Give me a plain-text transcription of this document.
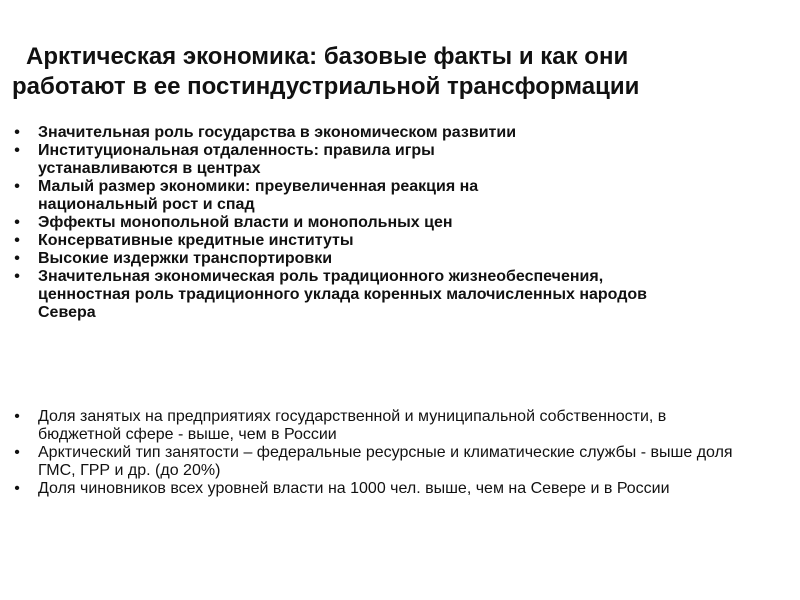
Арктическая экономика: базовые факты и как они
работают в ее постиндустриальной трансформации
• Значительная роль государства в экономическом развитии
• Институциональная отдаленность: правила игры устанавливаются в центрах
• Малый размер экономики: преувеличенная реакция на национальный рост и спад
• Эффекты монопольной власти и монопольных цен
• Консервативные кредитные институты
• Высокие издержки транспортировки
• Значительная экономическая роль традиционного жизнеобеспечения, ценностная роль традиционного уклада коренных малочисленных народов Севера
• Доля занятых на предприятиях государственной и муниципальной собственности, в бюджетной сфере - выше, чем в России
• Арктический тип занятости – федеральные ресурсные и климатические службы - выше доля ГМС, ГРР и др. (до 20%)
• Доля чиновников всех уровней власти на 1000 чел. выше, чем на Севере и в России
